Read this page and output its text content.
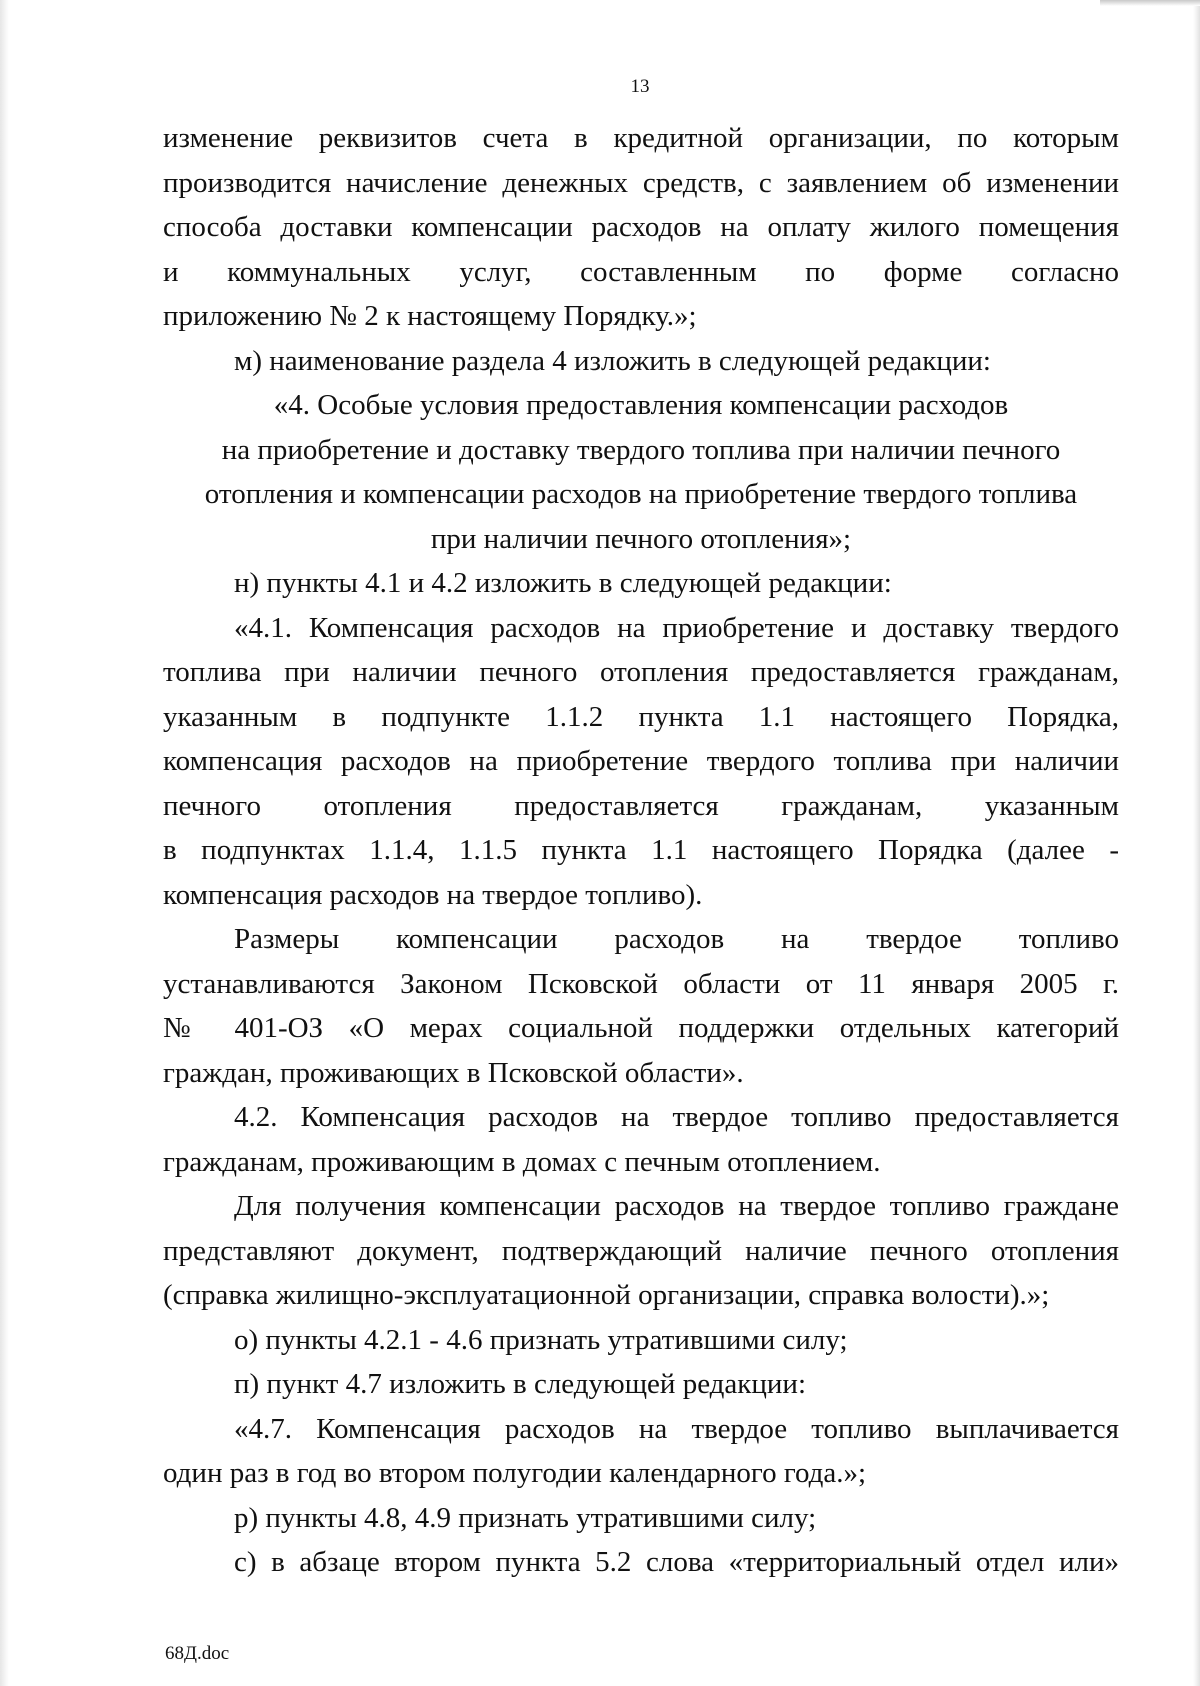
13

изменение реквизитов счета в кредитной организации, по которым

производится начисление денежных средств, с заявлением об изменении

способа доставки компенсации расходов на оплату жилого помещения

и коммунальных услуг, составленным по форме согласно

приложению № 2 к настоящему Порядку.»;

м) наименование раздела 4 изложить в следующей редакции:

«4. Особые условия предоставления компенсации расходов

на приобретение и доставку твердого топлива при наличии печного

отопления и компенсации расходов на приобретение твердого топлива

при наличии печного отопления»;

н) пункты 4.1 и 4.2 изложить в следующей редакции:

«4.1. Компенсация расходов на приобретение и доставку твердого

топлива при наличии печного отопления предоставляется гражданам,

указанным в подпункте 1.1.2 пункта 1.1 настоящего Порядка,

компенсация расходов на приобретение твердого топлива при наличии

печного отопления предоставляется гражданам, указанным

в подпунктах 1.1.4, 1.1.5 пункта 1.1 настоящего Порядка (далее -

компенсация расходов на твердое топливо).

Размеры компенсации расходов на твердое топливо

устанавливаются Законом Псковской области от 11 января 2005 г.

№ 401-ОЗ «О мерах социальной поддержки отдельных категорий

граждан, проживающих в Псковской области».

4.2. Компенсация расходов на твердое топливо предоставляется

гражданам, проживающим в домах с печным отоплением.

Для получения компенсации расходов на твердое топливо граждане

представляют документ, подтверждающий наличие печного отопления

(справка жилищно-эксплуатационной организации, справка волости).»;

о) пункты 4.2.1 - 4.6 признать утратившими силу;

п) пункт 4.7 изложить в следующей редакции:

«4.7. Компенсация расходов на твердое топливо выплачивается

один раз в год во втором полугодии календарного года.»;

р) пункты 4.8, 4.9 признать утратившими силу;

с) в абзаце втором пункта 5.2 слова «территориальный отдел или»

68Д.doc
